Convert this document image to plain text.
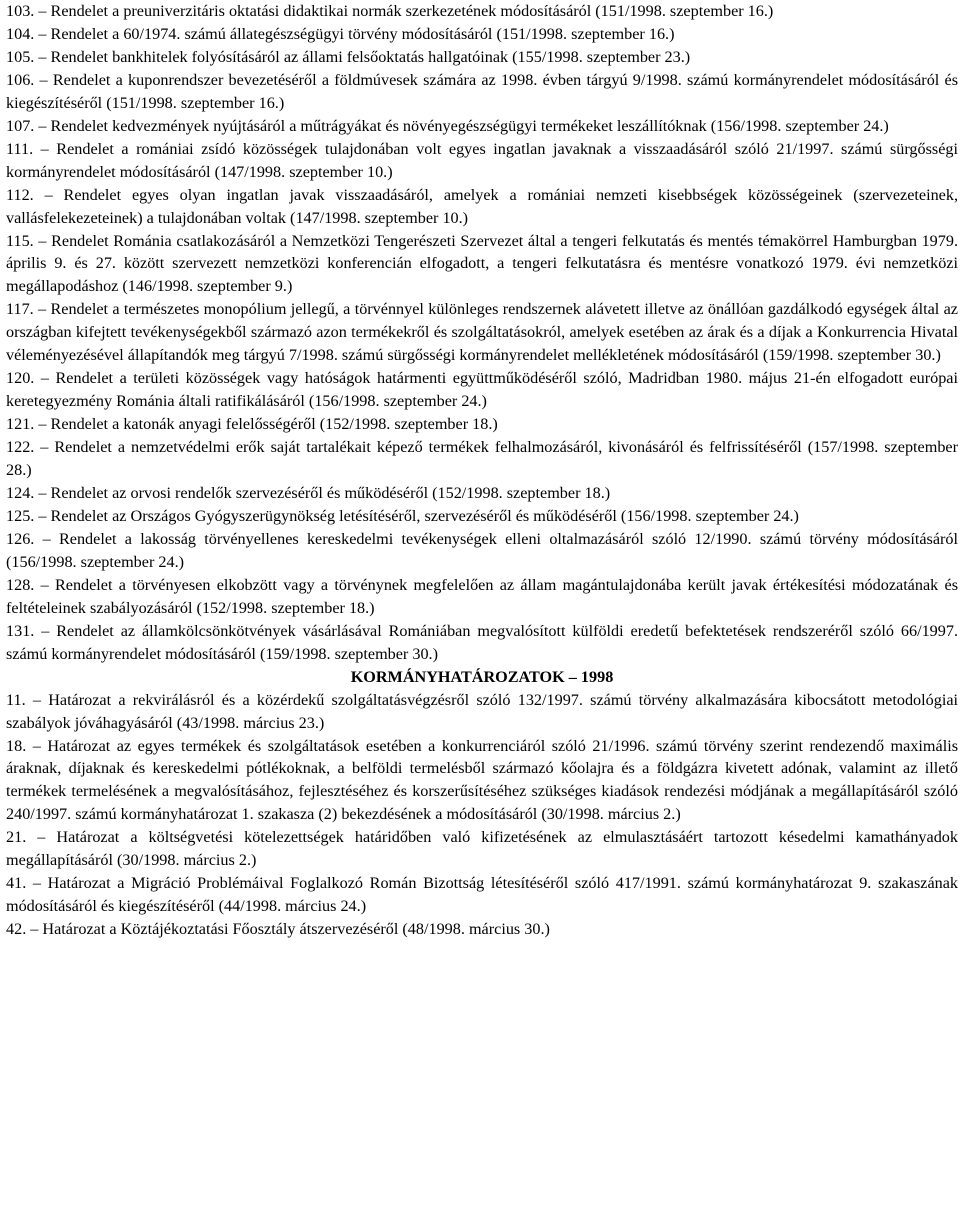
103. – Rendelet a preuniverzitáris oktatási didaktikai normák szerkezetének módosításáról (151/1998. szeptember 16.)

104. – Rendelet a 60/1974. számú állategészségügyi törvény módosításáról (151/1998. szeptember 16.)

105. – Rendelet bankhitelek folyósításáról az állami felsőoktatás hallgatóinak (155/1998. szeptember 23.)

106. – Rendelet a kuponrendszer bevezetéséről a földmúvesek számára az 1998. évben tárgyú 9/1998. számú kormányrendelet módosításáról és kiegészítéséről (151/1998. szeptember 16.)

107. – Rendelet kedvezmények nyújtásáról a műtrágyákat és növényegészségügyi termékeket leszállítóknak (156/1998. szeptember 24.)

111. – Rendelet a romániai zsídó közösségek tulajdonában volt egyes ingatlan javaknak a visszaadásáról szóló 21/1997. számú sürgősségi kormányrendelet módosításáról (147/1998. szeptember 10.)

112. – Rendelet egyes olyan ingatlan javak visszaadásáról, amelyek a romániai nemzeti kisebbségek közösségeinek (szervezeteinek, vallásfelekezeteinek) a tulajdonában voltak (147/1998. szeptember 10.)

115. – Rendelet Románia csatlakozásáról a Nemzetközi Tengerészeti Szervezet által a tengeri felkutatás és mentés témakörrel Hamburgban 1979. április 9. és 27. között szervezett nemzetközi konferencián elfogadott, a tengeri felkutatásra és mentésre vonatkozó 1979. évi nemzetközi megállapodáshoz (146/1998. szeptember 9.)

117. – Rendelet a természetes monopólium jellegű, a törvénnyel különleges rendszernek alávetett illetve az önállóan gazdálkodó egységek által az országban kifejtett tevékenységekből származó azon termékekről és szolgáltatásokról, amelyek esetében az árak és a díjak a Konkurrencia Hivatal véleményezésével állapítandók meg tárgyú 7/1998. számú sürgősségi kormányrendelet mellékletének módosításáról (159/1998. szeptember 30.)

120. – Rendelet a területi közösségek vagy hatóságok határmenti együttműködéséről szóló, Madridban 1980. május 21-én elfogadott európai keretegyezmény Románia általi ratifikálásáról (156/1998. szeptember 24.)

121. – Rendelet a katonák anyagi felelősségéről (152/1998. szeptember 18.)

122. – Rendelet a nemzetvédelmi erők saját tartalékait képező termékek felhalmozásáról, kivonásáról és felfrissítéséről (157/1998. szeptember 28.)

124. – Rendelet az orvosi rendelők szervezéséről és működéséről (152/1998. szeptember 18.)

125. – Rendelet az Országos Gyógyszerügynökség letésítéséről, szervezéséről és működéséről (156/1998. szeptember 24.)

126. – Rendelet a lakosság törvényellenes kereskedelmi tevékenységek elleni oltalmazásáról szóló 12/1990. számú törvény módosításáról (156/1998. szeptember 24.)

128. – Rendelet a törvényesen elkobzött vagy a törvénynek megfelelően az állam magántulajdonába került javak értékesítési módozatának és feltételeinek szabályozásáról (152/1998. szeptember 18.)

131. – Rendelet az államkölcsönkötvények vásárlásával Romániában megvalósított külföldi eredetű befektetések rendszeréről szóló 66/1997. számú kormányrendelet módosításáról (159/1998. szeptember 30.)

KORMÁNYHATÁROZATOK – 1998

11. – Határozat a rekvirálásról és a közérdekű szolgáltatásvégzésről szóló 132/1997. számú törvény alkalmazására kibocsátott metodológiai szabályok jóváhagyásáról (43/1998. március 23.)

18. – Határozat az egyes termékek és szolgáltatások esetében a konkurrenciáról szóló 21/1996. számú törvény szerint rendezendő maximális áraknak, díjaknak és kereskedelmi pótlékoknak, a belföldi termelésből származó kőolajra és a földgázra kivetett adónak, valamint az illető termékek termelésének a megvalósításához, fejlesztéséhez és korszerűsítéséhez szükséges kiadások rendezési módjának a megállapításáról szóló 240/1997. számú kormányhatározat 1. szakasza (2) bekezdésének a módosításáról (30/1998. március 2.)

21. – Határozat a költségvetési kötelezettségek határidőben való kifizetésének az elmulasztásáért tartozott késedelmi kamathányadok megállapításáról (30/1998. március 2.)

41. – Határozat a Migráció Problémáival Foglalkozó Román Bizottság létesítéséről szóló 417/1991. számú kormányhatározat 9. szakaszának módosításáról és kiegészítéséről (44/1998. március 24.)

42. – Határozat a Köztájékoztatási Főosztály átszervezéséről (48/1998. március 30.)
